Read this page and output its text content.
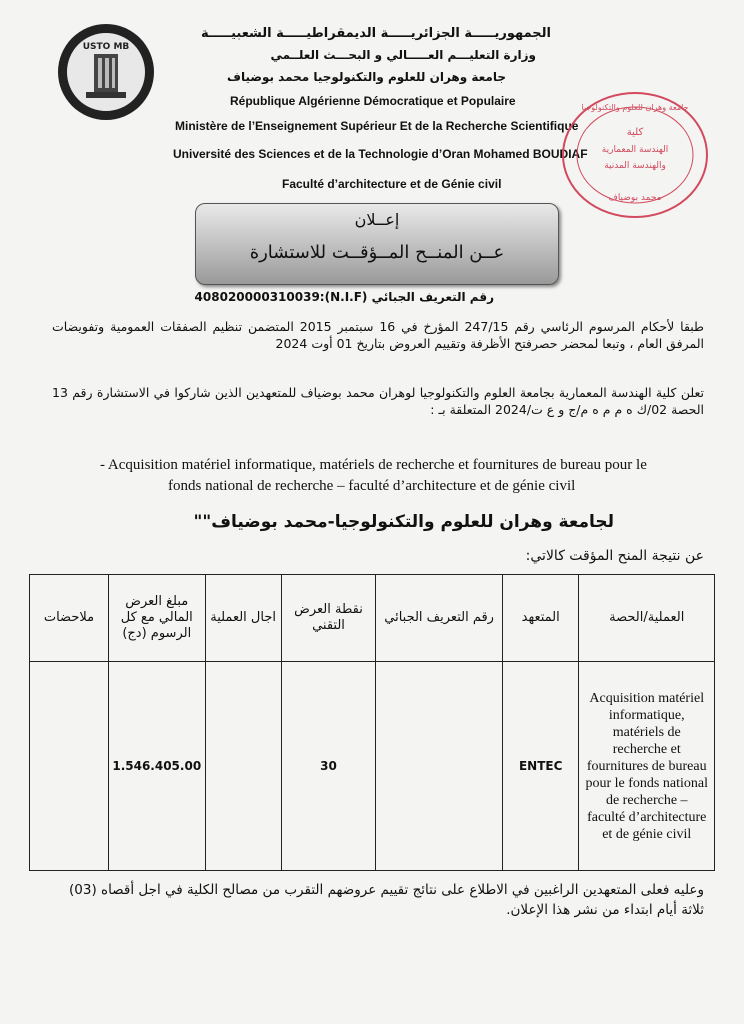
USTO MB
الجمهوريـــــة الجزائريـــــة الديمقراطيـــــة الشعبيـــــة
وزارة التعليـــم العـــــالي و البحـــث العلــمي
جامعة وهران للعلوم والتكنولوجيا محمد بوضياف
République Algérienne Démocratique et Populaire
Ministère de l’Enseignement Supérieur Et de la Recherche Scientifique
Université des Sciences et de la Technologie d’Oran Mohamed BOUDIAF
Faculté d’architecture et de Génie civil
جامعة وهران للعلوم والتكنولوجيا
كلية
الهندسة المعمارية
والهندسة المدنية
محمد بوضياف
إعــلان
عــن المنــح المــؤقــت للاستشارة
رقم التعريف الجبائي (N.I.F):408020000310039
طبقا لأحكام المرسوم الرئاسي رقم 247/15 المؤرخ في 16 سبتمبر 2015 المتضمن تنظيم الصفقات العمومية وتفويضات المرفق العام ، وتبعا لمحضر حصرفتح الأظرفة وتقييم العروض بتاريخ 01 أوت 2024
تعلن كلية الهندسة المعمارية بجامعة العلوم والتكنولوجيا لوهران محمد بوضياف للمتعهدين الذين شاركوا في الاستشارة رقم 13 الحصة 02/ك ه م م ه م/ج و ع ت/2024 المتعلقة بـ :
- Acquisition matériel informatique, matériels de recherche et fournitures de bureau pour le
fonds national de recherche – faculté d’architecture et de génie civil
لجامعة وهران للعلوم والتكنولوجيا-محمد بوضياف""
عن نتيجة المنح المؤقت كالاتي:
ملاحضات	مبلغ العرض المالي مع كل الرسوم (دج)	اجال العملية	نقطة العرض التقني	رقم التعريف الجبائي	المتعهد	العملية/الحصة
	1.546.405.00		30		ENTEC	Acquisition matériel informatique, matériels de recherche et fournitures de bureau pour le fonds national de recherche – faculté d’architecture et de génie civil
وعليه فعلى المتعهدين الراغبين في الاطلاع على نتائج تقييم عروضهم التقرب من مصالح الكلية في اجل أقصاه (03) ثلاثة أيام ابتداء من نشر هذا الإعلان.
